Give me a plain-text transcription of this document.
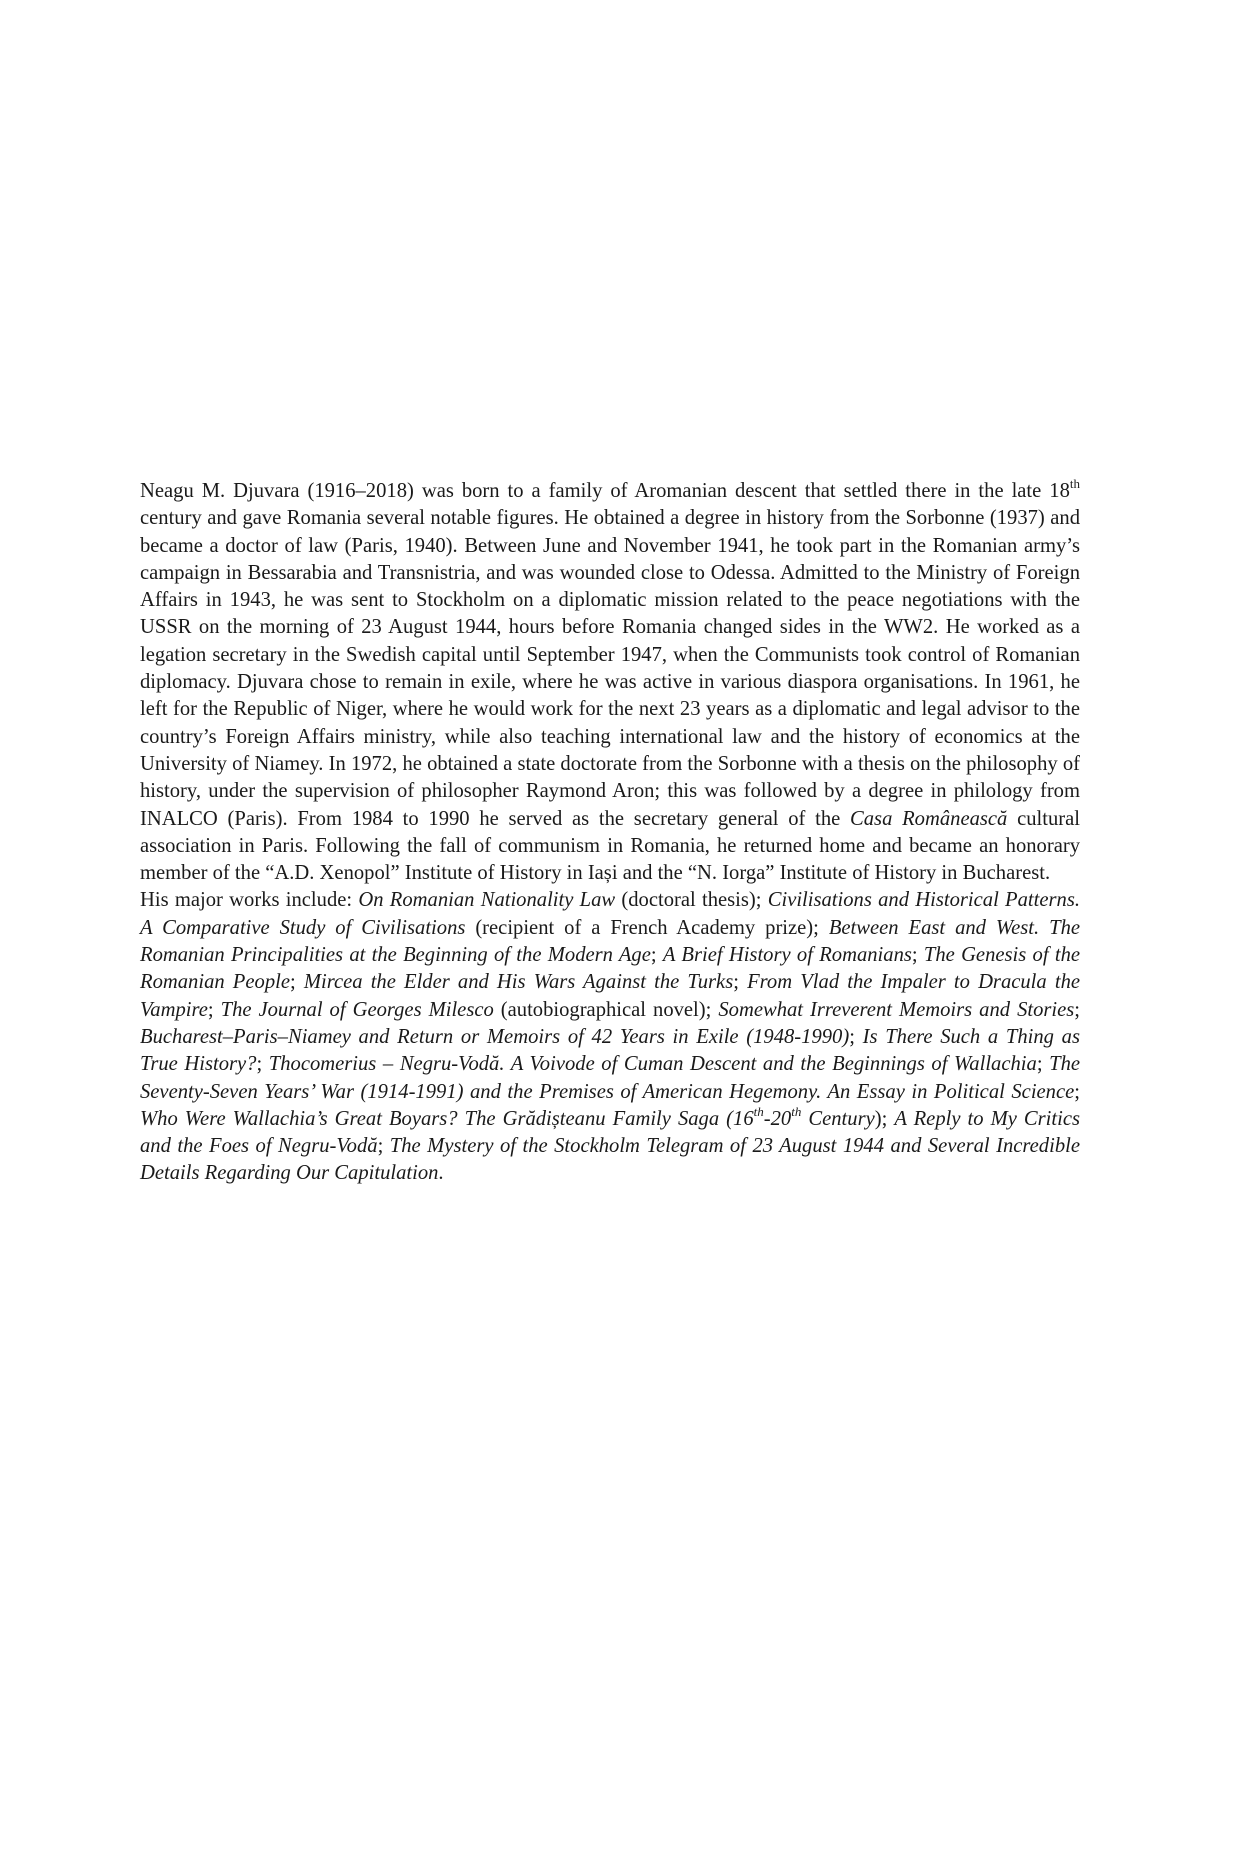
Neagu M. Djuvara (1916–2018) was born to a family of Aromanian descent that settled there in the late 18th century and gave Romania several notable figures. He obtained a degree in history from the Sorbonne (1937) and became a doctor of law (Paris, 1940). Between June and November 1941, he took part in the Romanian army’s campaign in Bessarabia and Transnistria, and was wounded close to Odessa. Admitted to the Ministry of Foreign Affairs in 1943, he was sent to Stockholm on a diplomatic mission related to the peace negotiations with the USSR on the morning of 23 August 1944, hours before Romania changed sides in the WW2. He worked as a legation secretary in the Swedish capital until September 1947, when the Communists took control of Romanian diplomacy. Djuvara chose to remain in exile, where he was active in various diaspora organisations. In 1961, he left for the Republic of Niger, where he would work for the next 23 years as a diplomatic and legal advisor to the country’s Foreign Affairs ministry, while also teaching international law and the history of economics at the University of Niamey. In 1972, he obtained a state doctorate from the Sorbonne with a thesis on the philosophy of history, under the supervision of philosopher Raymond Aron; this was followed by a degree in philology from INALCO (Paris). From 1984 to 1990 he served as the secretary general of the Casa Românească cultural association in Paris. Following the fall of communism in Romania, he returned home and became an honorary member of the “A.D. Xenopol” Institute of History in Iași and the “N. Iorga” Institute of History in Bucharest.

His major works include: On Romanian Nationality Law (doctoral thesis); Civilisations and Historical Patterns. A Comparative Study of Civilisations (recipient of a French Academy prize); Between East and West. The Romanian Principalities at the Beginning of the Modern Age; A Brief History of Romanians; The Genesis of the Romanian People; Mircea the Elder and His Wars Against the Turks; From Vlad the Impaler to Dracula the Vampire; The Journal of Georges Milesco (autobiographical novel); Somewhat Irreverent Memoirs and Stories; Bucharest–Paris–Niamey and Return or Memoirs of 42 Years in Exile (1948-1990); Is There Such a Thing as True History?; Thocomerius – Negru-Vodă. A Voivode of Cuman Descent and the Beginnings of Wallachia; The Seventy-Seven Years’ War (1914-1991) and the Premises of American Hegemony. An Essay in Political Science; Who Were Wallachia’s Great Boyars? The Grădișteanu Family Saga (16th-20th Century); A Reply to My Critics and the Foes of Negru-Vodă; The Mystery of the Stockholm Telegram of 23 August 1944 and Several Incredible Details Regarding Our Capitulation.
